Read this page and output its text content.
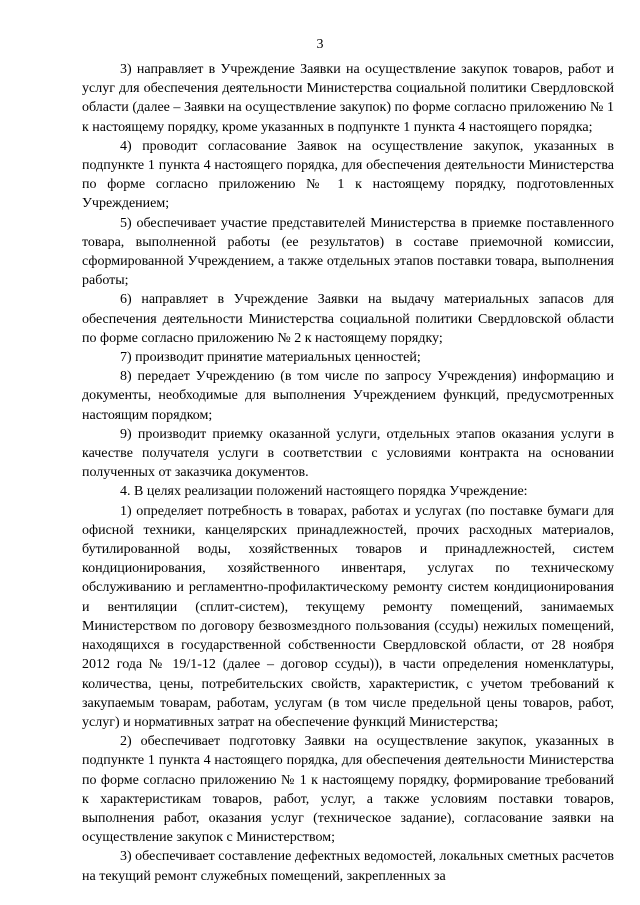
3

3) направляет в Учреждение Заявки на осуществление закупок товаров, работ и услуг для обеспечения деятельности Министерства социальной политики Свердловской области (далее – Заявки на осуществление закупок) по форме согласно приложению № 1 к настоящему порядку, кроме указанных в подпункте 1 пункта 4 настоящего порядка;

4) проводит согласование Заявок на осуществление закупок, указанных в подпункте 1 пункта 4 настоящего порядка, для обеспечения деятельности Министерства по форме согласно приложению № 1 к настоящему порядку, подготовленных Учреждением;

5) обеспечивает участие представителей Министерства в приемке поставленного товара, выполненной работы (ее результатов) в составе приемочной комиссии, сформированной Учреждением, а также отдельных этапов поставки товара, выполнения работы;

6) направляет в Учреждение Заявки на выдачу материальных запасов для обеспечения деятельности Министерства социальной политики Свердловской области по форме согласно приложению № 2 к настоящему порядку;

7) производит принятие материальных ценностей;

8) передает Учреждению (в том числе по запросу Учреждения) информацию и документы, необходимые для выполнения Учреждением функций, предусмотренных настоящим порядком;

9) производит приемку оказанной услуги, отдельных этапов оказания услуги в качестве получателя услуги в соответствии с условиями контракта на основании полученных от заказчика документов.

4. В целях реализации положений настоящего порядка Учреждение:

1) определяет потребность в товарах, работах и услугах (по поставке бумаги для офисной техники, канцелярских принадлежностей, прочих расходных материалов, бутилированной воды, хозяйственных товаров и принадлежностей, систем кондиционирования, хозяйственного инвентаря, услугах по техническому обслуживанию и регламентно-профилактическому ремонту систем кондиционирования и вентиляции (сплит-систем), текущему ремонту помещений, занимаемых Министерством по договору безвозмездного пользования (ссуды) нежилых помещений, находящихся в государственной собственности Свердловской области, от 28 ноября 2012 года № 19/1-12 (далее – договор ссуды)), в части определения номенклатуры, количества, цены, потребительских свойств, характеристик, с учетом требований к закупаемым товарам, работам, услугам (в том числе предельной цены товаров, работ, услуг) и нормативных затрат на обеспечение функций Министерства;

2) обеспечивает подготовку Заявки на осуществление закупок, указанных в подпункте 1 пункта 4 настоящего порядка, для обеспечения деятельности Министерства по форме согласно приложению № 1 к настоящему порядку, формирование требований к характеристикам товаров, работ, услуг, а также условиям поставки товаров, выполнения работ, оказания услуг (техническое задание), согласование заявки на осуществление закупок с Министерством;

3) обеспечивает составление дефектных ведомостей, локальных сметных расчетов на текущий ремонт служебных помещений, закрепленных за
